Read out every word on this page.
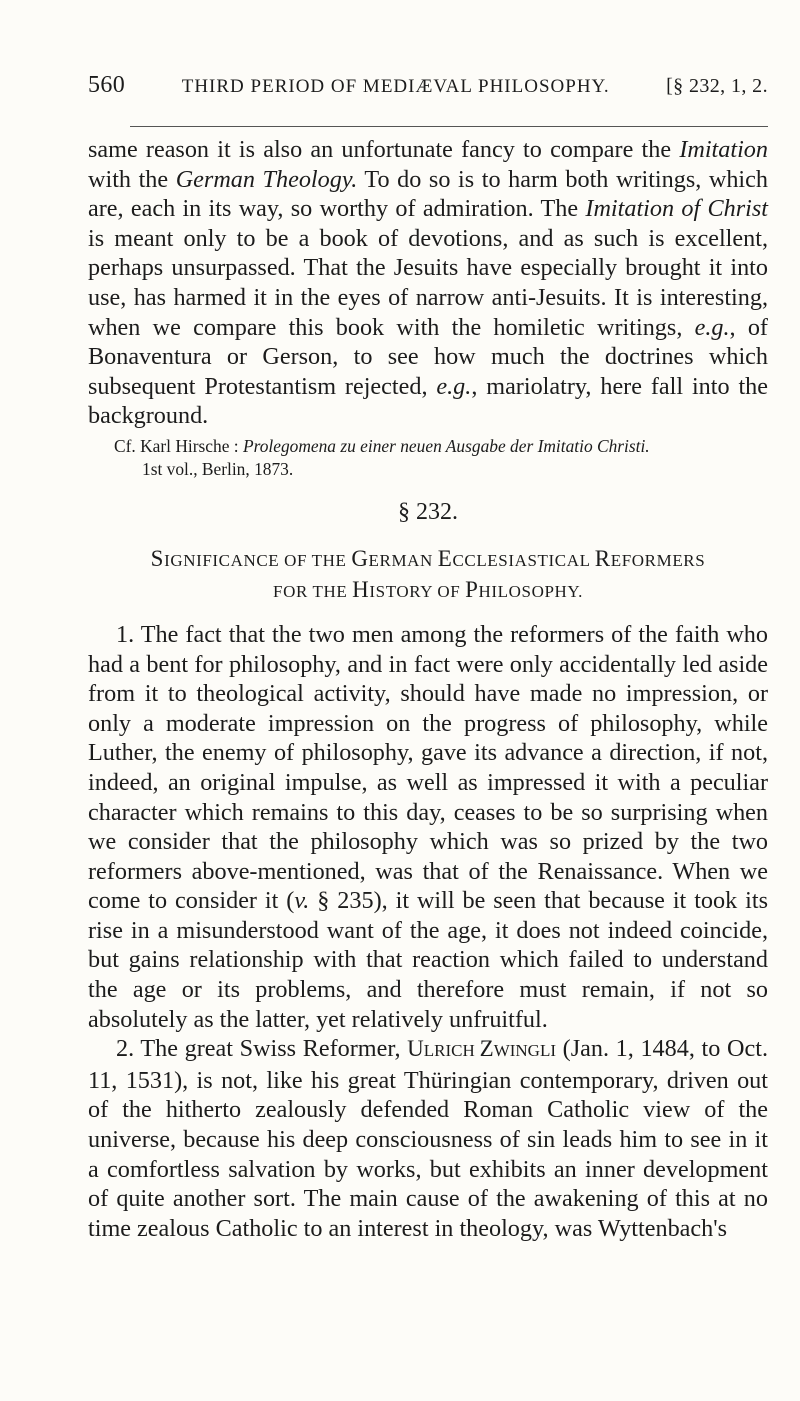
560	THIRD PERIOD OF MEDIÆVAL PHILOSOPHY.	[§ 232, 1, 2.

same reason it is also an unfortunate fancy to compare the Imitation with the German Theology. To do so is to harm both writings, which are, each in its way, so worthy of admiration. The Imitation of Christ is meant only to be a book of devotions, and as such is excellent, perhaps unsurpassed. That the Jesuits have especially brought it into use, has harmed it in the eyes of narrow anti-Jesuits. It is interesting, when we compare this book with the homiletic writings, e.g., of Bonaventura or Gerson, to see how much the doctrines which subsequent Protestantism rejected, e.g., mariolatry, here fall into the background.

Cf. Karl Hirsche : Prolegomena zu einer neuen Ausgabe der Imitatio Christi.

1st vol., Berlin, 1873.

§ 232.
SIGNIFICANCE OF THE GERMAN ECCLESIASTICAL REFORMERS
FOR THE HISTORY OF PHILOSOPHY.

1. The fact that the two men among the reformers of the faith who had a bent for philosophy, and in fact were only accidentally led aside from it to theological activity, should have made no impression, or only a moderate impression on the progress of philosophy, while Luther, the enemy of philosophy, gave its advance a direction, if not, indeed, an original impulse, as well as impressed it with a peculiar character which remains to this day, ceases to be so surprising when we consider that the philosophy which was so prized by the two reformers above-mentioned, was that of the Renaissance. When we come to consider it (v. § 235), it will be seen that because it took its rise in a misunderstood want of the age, it does not indeed coincide, but gains relationship with that reaction which failed to understand the age or its problems, and therefore must remain, if not so absolutely as the latter, yet relatively unfruitful.

2. The great Swiss Reformer, ULRICH ZWINGLI (Jan. 1, 1484, to Oct. 11, 1531), is not, like his great Thüringian contemporary, driven out of the hitherto zealously defended Roman Catholic view of the universe, because his deep consciousness of sin leads him to see in it a comfortless salvation by works, but exhibits an inner development of quite another sort. The main cause of the awakening of this at no time zealous Catholic to an interest in theology, was Wyttenbach's
